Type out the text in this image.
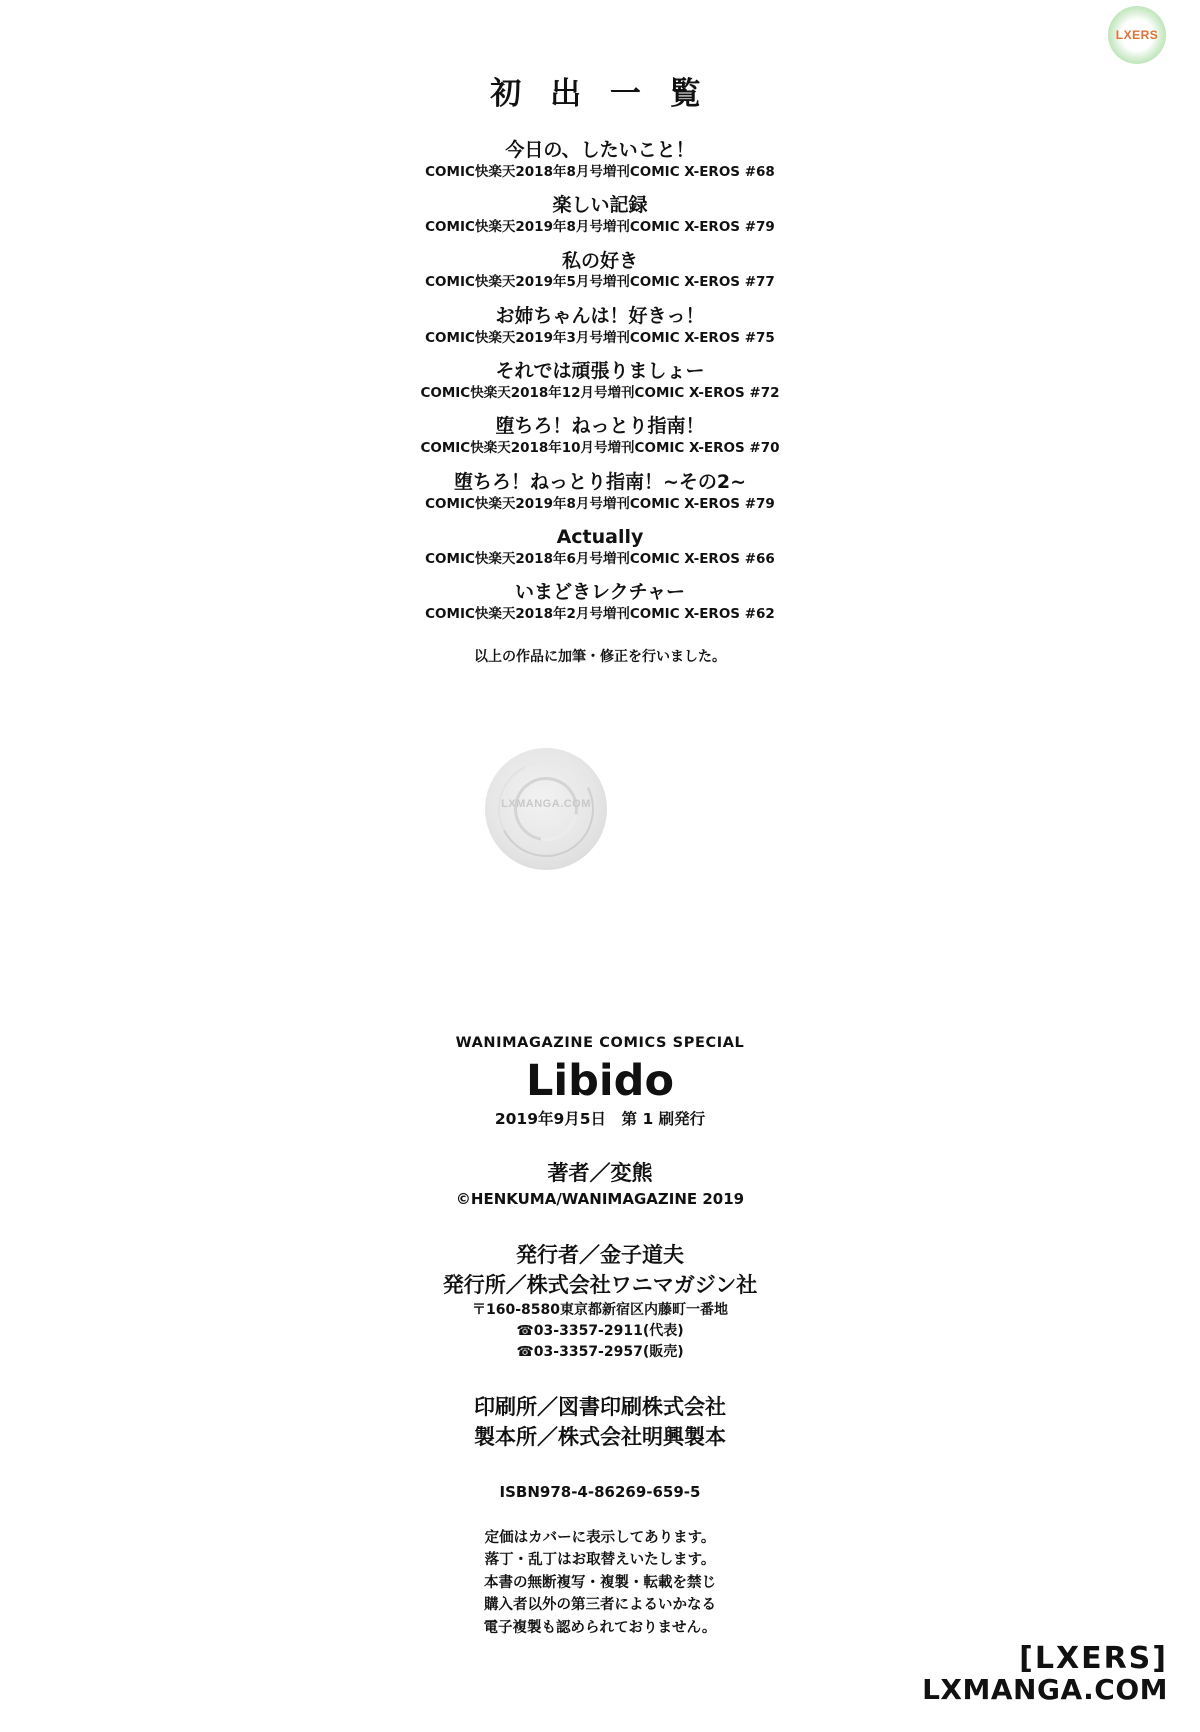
LXERS
初 出 一 覧
今日の、したいこと！
COMIC快楽天2018年8月号増刊COMIC X-EROS #68
楽しい記録
COMIC快楽天2019年8月号増刊COMIC X-EROS #79
私の好き
COMIC快楽天2019年5月号増刊COMIC X-EROS #77
お姉ちゃんは！好きっ！
COMIC快楽天2019年3月号増刊COMIC X-EROS #75
それでは頑張りましょー
COMIC快楽天2018年12月号増刊COMIC X-EROS #72
堕ちろ！ねっとり指南！
COMIC快楽天2018年10月号増刊COMIC X-EROS #70
堕ちろ！ねっとり指南！~その2~
COMIC快楽天2019年8月号増刊COMIC X-EROS #79
Actually
COMIC快楽天2018年6月号増刊COMIC X-EROS #66
いまどきレクチャー
COMIC快楽天2018年2月号増刊COMIC X-EROS #62
以上の作品に加筆・修正を行いました。
LXMANGA.COM
WANIMAGAZINE COMICS SPECIAL
Libido
2019年9月5日　第 1 刷発行
著者／変熊
©HENKUMA/WANIMAGAZINE 2019
発行者／金子道夫
発行所／株式会社ワニマガジン社
〒160-8580東京都新宿区内藤町一番地
☎03-3357-2911(代表)
☎03-3357-2957(販売)
印刷所／図書印刷株式会社
製本所／株式会社明興製本
ISBN978-4-86269-659-5
定価はカバーに表示してあります。
落丁・乱丁はお取替えいたします。
本書の無断複写・複製・転載を禁じ
購入者以外の第三者によるいかなる
電子複製も認められておりません。
[LXERS]
LXMANGA.COM
